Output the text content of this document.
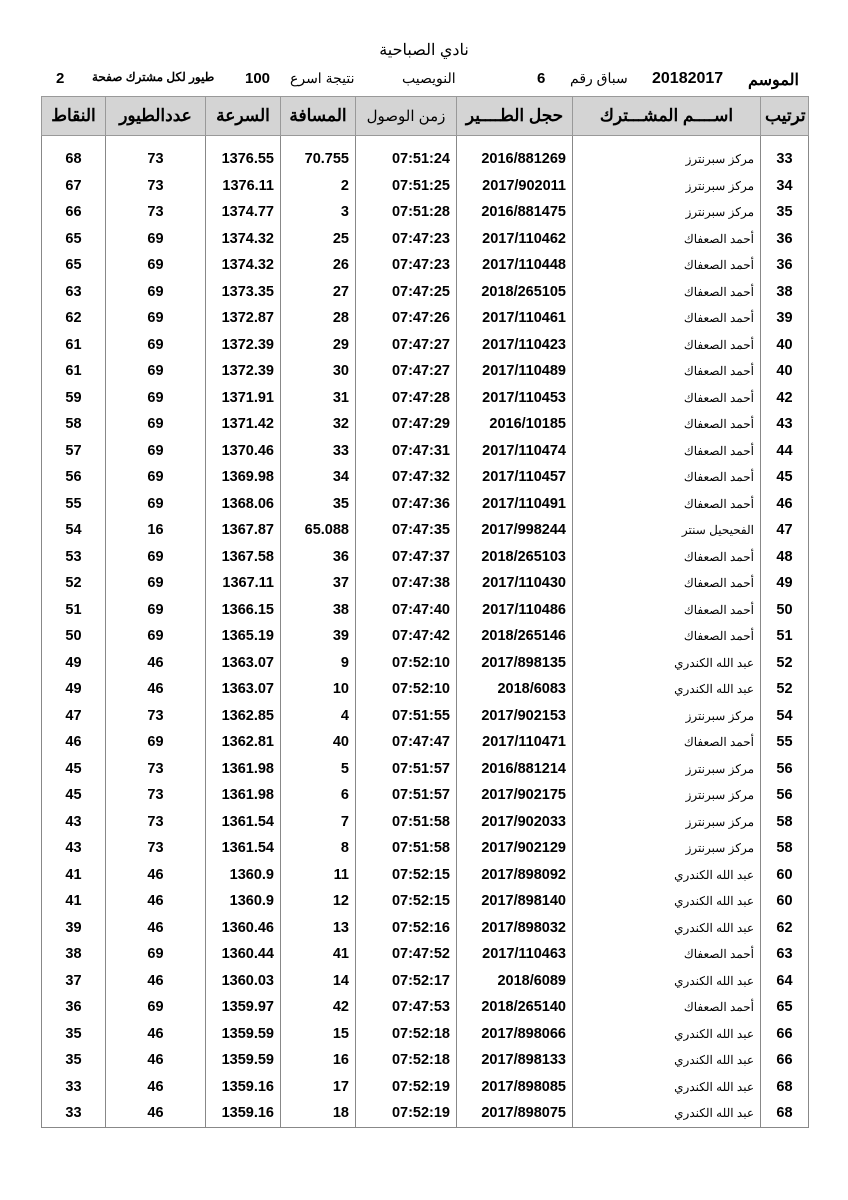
نادي الصباحية
2 طيور لكل مشترك صفحة 100 نتيجة اسرع	النويصيب	6 سباق رقم 20182017 الموسم
النقاط	عددالطيور	السرعة	المسافة	زمن الوصول	حجل الطــــير	اســــم المشـــترك	ترتيب
68	73	1376.55	70.755	07:51:24	2016/881269	مركز سبرنترز	33
67	73	1376.11	2	07:51:25	2017/902011	مركز سبرنترز	34
66	73	1374.77	3	07:51:28	2016/881475	مركز سبرنترز	35
65	69	1374.32	25	07:47:23	2017/110462	أحمد الصعفاك	36
65	69	1374.32	26	07:47:23	2017/110448	أحمد الصعفاك	36
63	69	1373.35	27	07:47:25	2018/265105	أحمد الصعفاك	38
62	69	1372.87	28	07:47:26	2017/110461	أحمد الصعفاك	39
61	69	1372.39	29	07:47:27	2017/110423	أحمد الصعفاك	40
61	69	1372.39	30	07:47:27	2017/110489	أحمد الصعفاك	40
59	69	1371.91	31	07:47:28	2017/110453	أحمد الصعفاك	42
58	69	1371.42	32	07:47:29	2016/10185	أحمد الصعفاك	43
57	69	1370.46	33	07:47:31	2017/110474	أحمد الصعفاك	44
56	69	1369.98	34	07:47:32	2017/110457	أحمد الصعفاك	45
55	69	1368.06	35	07:47:36	2017/110491	أحمد الصعفاك	46
54	16	1367.87	65.088	07:47:35	2017/998244	الفحيحيل سنتر	47
53	69	1367.58	36	07:47:37	2018/265103	أحمد الصعفاك	48
52	69	1367.11	37	07:47:38	2017/110430	أحمد الصعفاك	49
51	69	1366.15	38	07:47:40	2017/110486	أحمد الصعفاك	50
50	69	1365.19	39	07:47:42	2018/265146	أحمد الصعفاك	51
49	46	1363.07	9	07:52:10	2017/898135	عبد الله الكندري	52
49	46	1363.07	10	07:52:10	2018/6083	عبد الله الكندري	52
47	73	1362.85	4	07:51:55	2017/902153	مركز سبرنترز	54
46	69	1362.81	40	07:47:47	2017/110471	أحمد الصعفاك	55
45	73	1361.98	5	07:51:57	2016/881214	مركز سبرنترز	56
45	73	1361.98	6	07:51:57	2017/902175	مركز سبرنترز	56
43	73	1361.54	7	07:51:58	2017/902033	مركز سبرنترز	58
43	73	1361.54	8	07:51:58	2017/902129	مركز سبرنترز	58
41	46	1360.9	11	07:52:15	2017/898092	عبد الله الكندري	60
41	46	1360.9	12	07:52:15	2017/898140	عبد الله الكندري	60
39	46	1360.46	13	07:52:16	2017/898032	عبد الله الكندري	62
38	69	1360.44	41	07:47:52	2017/110463	أحمد الصعفاك	63
37	46	1360.03	14	07:52:17	2018/6089	عبد الله الكندري	64
36	69	1359.97	42	07:47:53	2018/265140	أحمد الصعفاك	65
35	46	1359.59	15	07:52:18	2017/898066	عبد الله الكندري	66
35	46	1359.59	16	07:52:18	2017/898133	عبد الله الكندري	66
33	46	1359.16	17	07:52:19	2017/898085	عبد الله الكندري	68
33	46	1359.16	18	07:52:19	2017/898075	عبد الله الكندري	68
